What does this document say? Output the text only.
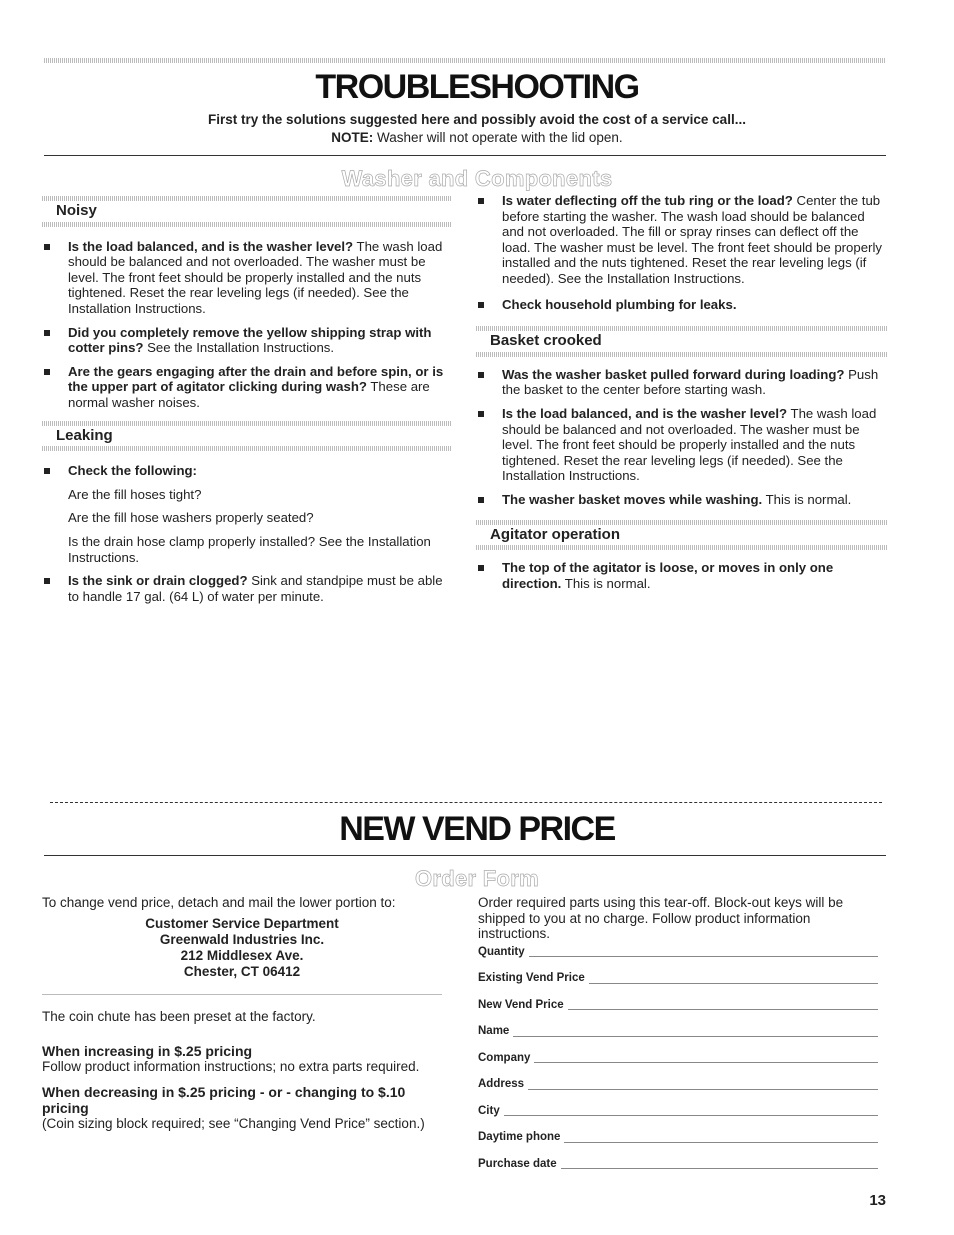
TROUBLESHOOTING
First try the solutions suggested here and possibly avoid the cost of a service call...
NOTE: Washer will not operate with the lid open.
Washer and Components
Noisy
Is the load balanced, and is the washer level? The wash load should be balanced and not overloaded. The washer must be level. The front feet should be properly installed and the nuts tightened. Reset the rear leveling legs (if needed). See the Installation Instructions.
Did you completely remove the yellow shipping strap with cotter pins? See the Installation Instructions.
Are the gears engaging after the drain and before spin, or is the upper part of agitator clicking during wash? These are normal washer noises.
Leaking
Check the following:
Are the fill hoses tight?
Are the fill hose washers properly seated?
Is the drain hose clamp properly installed? See the Installation Instructions.
Is the sink or drain clogged? Sink and standpipe must be able to handle 17 gal. (64 L) of water per minute.
Is water deflecting off the tub ring or the load? Center the tub before starting the washer. The wash load should be balanced and not overloaded. The fill or spray rinses can deflect off the load. The washer must be level. The front feet should be properly installed and the nuts tightened. Reset the rear leveling legs (if needed). See the Installation Instructions.
Check household plumbing for leaks.
Basket crooked
Was the washer basket pulled forward during loading? Push the basket to the center before starting wash.
Is the load balanced, and is the washer level? The wash load should be balanced and not overloaded. The washer must be level. The front feet should be properly installed and the nuts tightened. Reset the rear leveling legs (if needed). See the Installation Instructions.
The washer basket moves while washing. This is normal.
Agitator operation
The top of the agitator is loose, or moves in only one direction. This is normal.
NEW VEND PRICE
Order Form
To change vend price, detach and mail the lower portion to:
Customer Service Department
Greenwald Industries Inc.
212 Middlesex Ave.
Chester, CT 06412
The coin chute has been preset at the factory.
When increasing in $.25 pricing
Follow product information instructions; no extra parts required.
When decreasing in $.25 pricing - or - changing to $.10 pricing
(Coin sizing block required; see “Changing Vend Price” section.)
Order required parts using this tear-off. Block-out keys will be shipped to you at no charge. Follow product information instructions.
Quantity
Existing Vend Price
New Vend Price
Name
Company
Address
City
Daytime phone
Purchase date
13
